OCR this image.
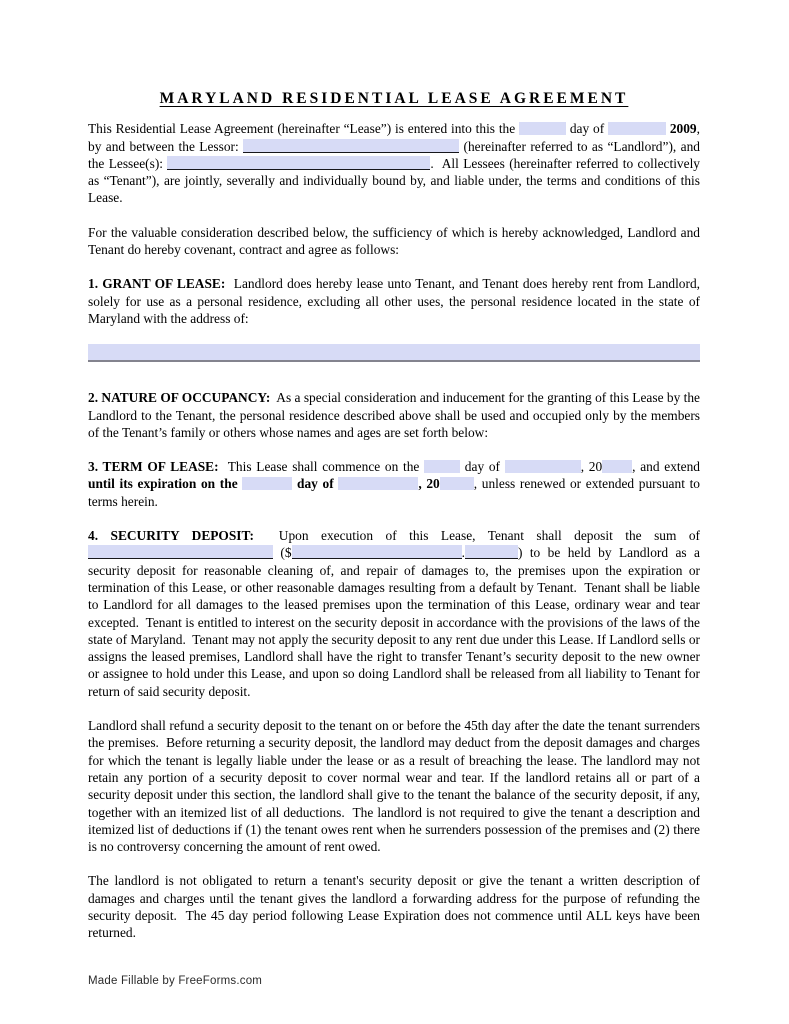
MARYLAND RESIDENTIAL LEASE AGREEMENT

This Residential Lease Agreement (hereinafter “Lease”) is entered into this the	day of	2009, by and between the Lessor:	(hereinafter referred to as “Landlord”), and the Lessee(s):	.  All Lessees (hereinafter referred to collectively as “Tenant”), are jointly, severally and individually bound by, and liable under, the terms and conditions of this Lease.

For the valuable consideration described below, the sufficiency of which is hereby acknowledged, Landlord and Tenant do hereby covenant, contract and agree as follows:

1. GRANT OF LEASE:  Landlord does hereby lease unto Tenant, and Tenant does hereby rent from Landlord, solely for use as a personal residence, excluding all other uses, the personal residence located in the state of Maryland with the address of:

2. NATURE OF OCCUPANCY:  As a special consideration and inducement for the granting of this Lease by the Landlord to the Tenant, the personal residence described above shall be used and occupied only by the members of the Tenant’s family or others whose names and ages are set forth below:

3. TERM OF LEASE:  This Lease shall commence on the	day of	, 20 , and extend until its expiration on the	day of	, 20	, unless renewed or extended pursuant to terms herein.

4. SECURITY DEPOSIT:  Upon execution of this Lease, Tenant shall deposit the sum of  ($	.	) to be held by Landlord as a security deposit for reasonable cleaning of, and repair of damages to, the premises upon the expiration or termination of this Lease, or other reasonable damages resulting from a default by Tenant.  Tenant shall be liable to Landlord for all damages to the leased premises upon the termination of this Lease, ordinary wear and tear excepted.  Tenant is entitled to interest on the security deposit in accordance with the provisions of the laws of the state of Maryland.  Tenant may not apply the security deposit to any rent due under this Lease. If Landlord sells or assigns the leased premises, Landlord shall have the right to transfer Tenant’s security deposit to the new owner or assignee to hold under this Lease, and upon so doing Landlord shall be released from all liability to Tenant for return of said security deposit.

Landlord shall refund a security deposit to the tenant on or before the 45th day after the date the tenant surrenders the premises.  Before returning a security deposit, the landlord may deduct from the deposit damages and charges for which the tenant is legally liable under the lease or as a result of breaching the lease. The landlord may not retain any portion of a security deposit to cover normal wear and tear. If the landlord retains all or part of a security deposit under this section, the landlord shall give to the tenant the balance of the security deposit, if any, together with an itemized list of all deductions.  The landlord is not required to give the tenant a description and itemized list of deductions if (1) the tenant owes rent when he surrenders possession of the premises and (2) there is no controversy concerning the amount of rent owed.

The landlord is not obligated to return a tenant's security deposit or give the tenant a written description of damages and charges until the tenant gives the landlord a forwarding address for the purpose of refunding the security deposit.  The 45 day period following Lease Expiration does not commence until ALL keys have been returned.

Made Fillable by FreeForms.com
